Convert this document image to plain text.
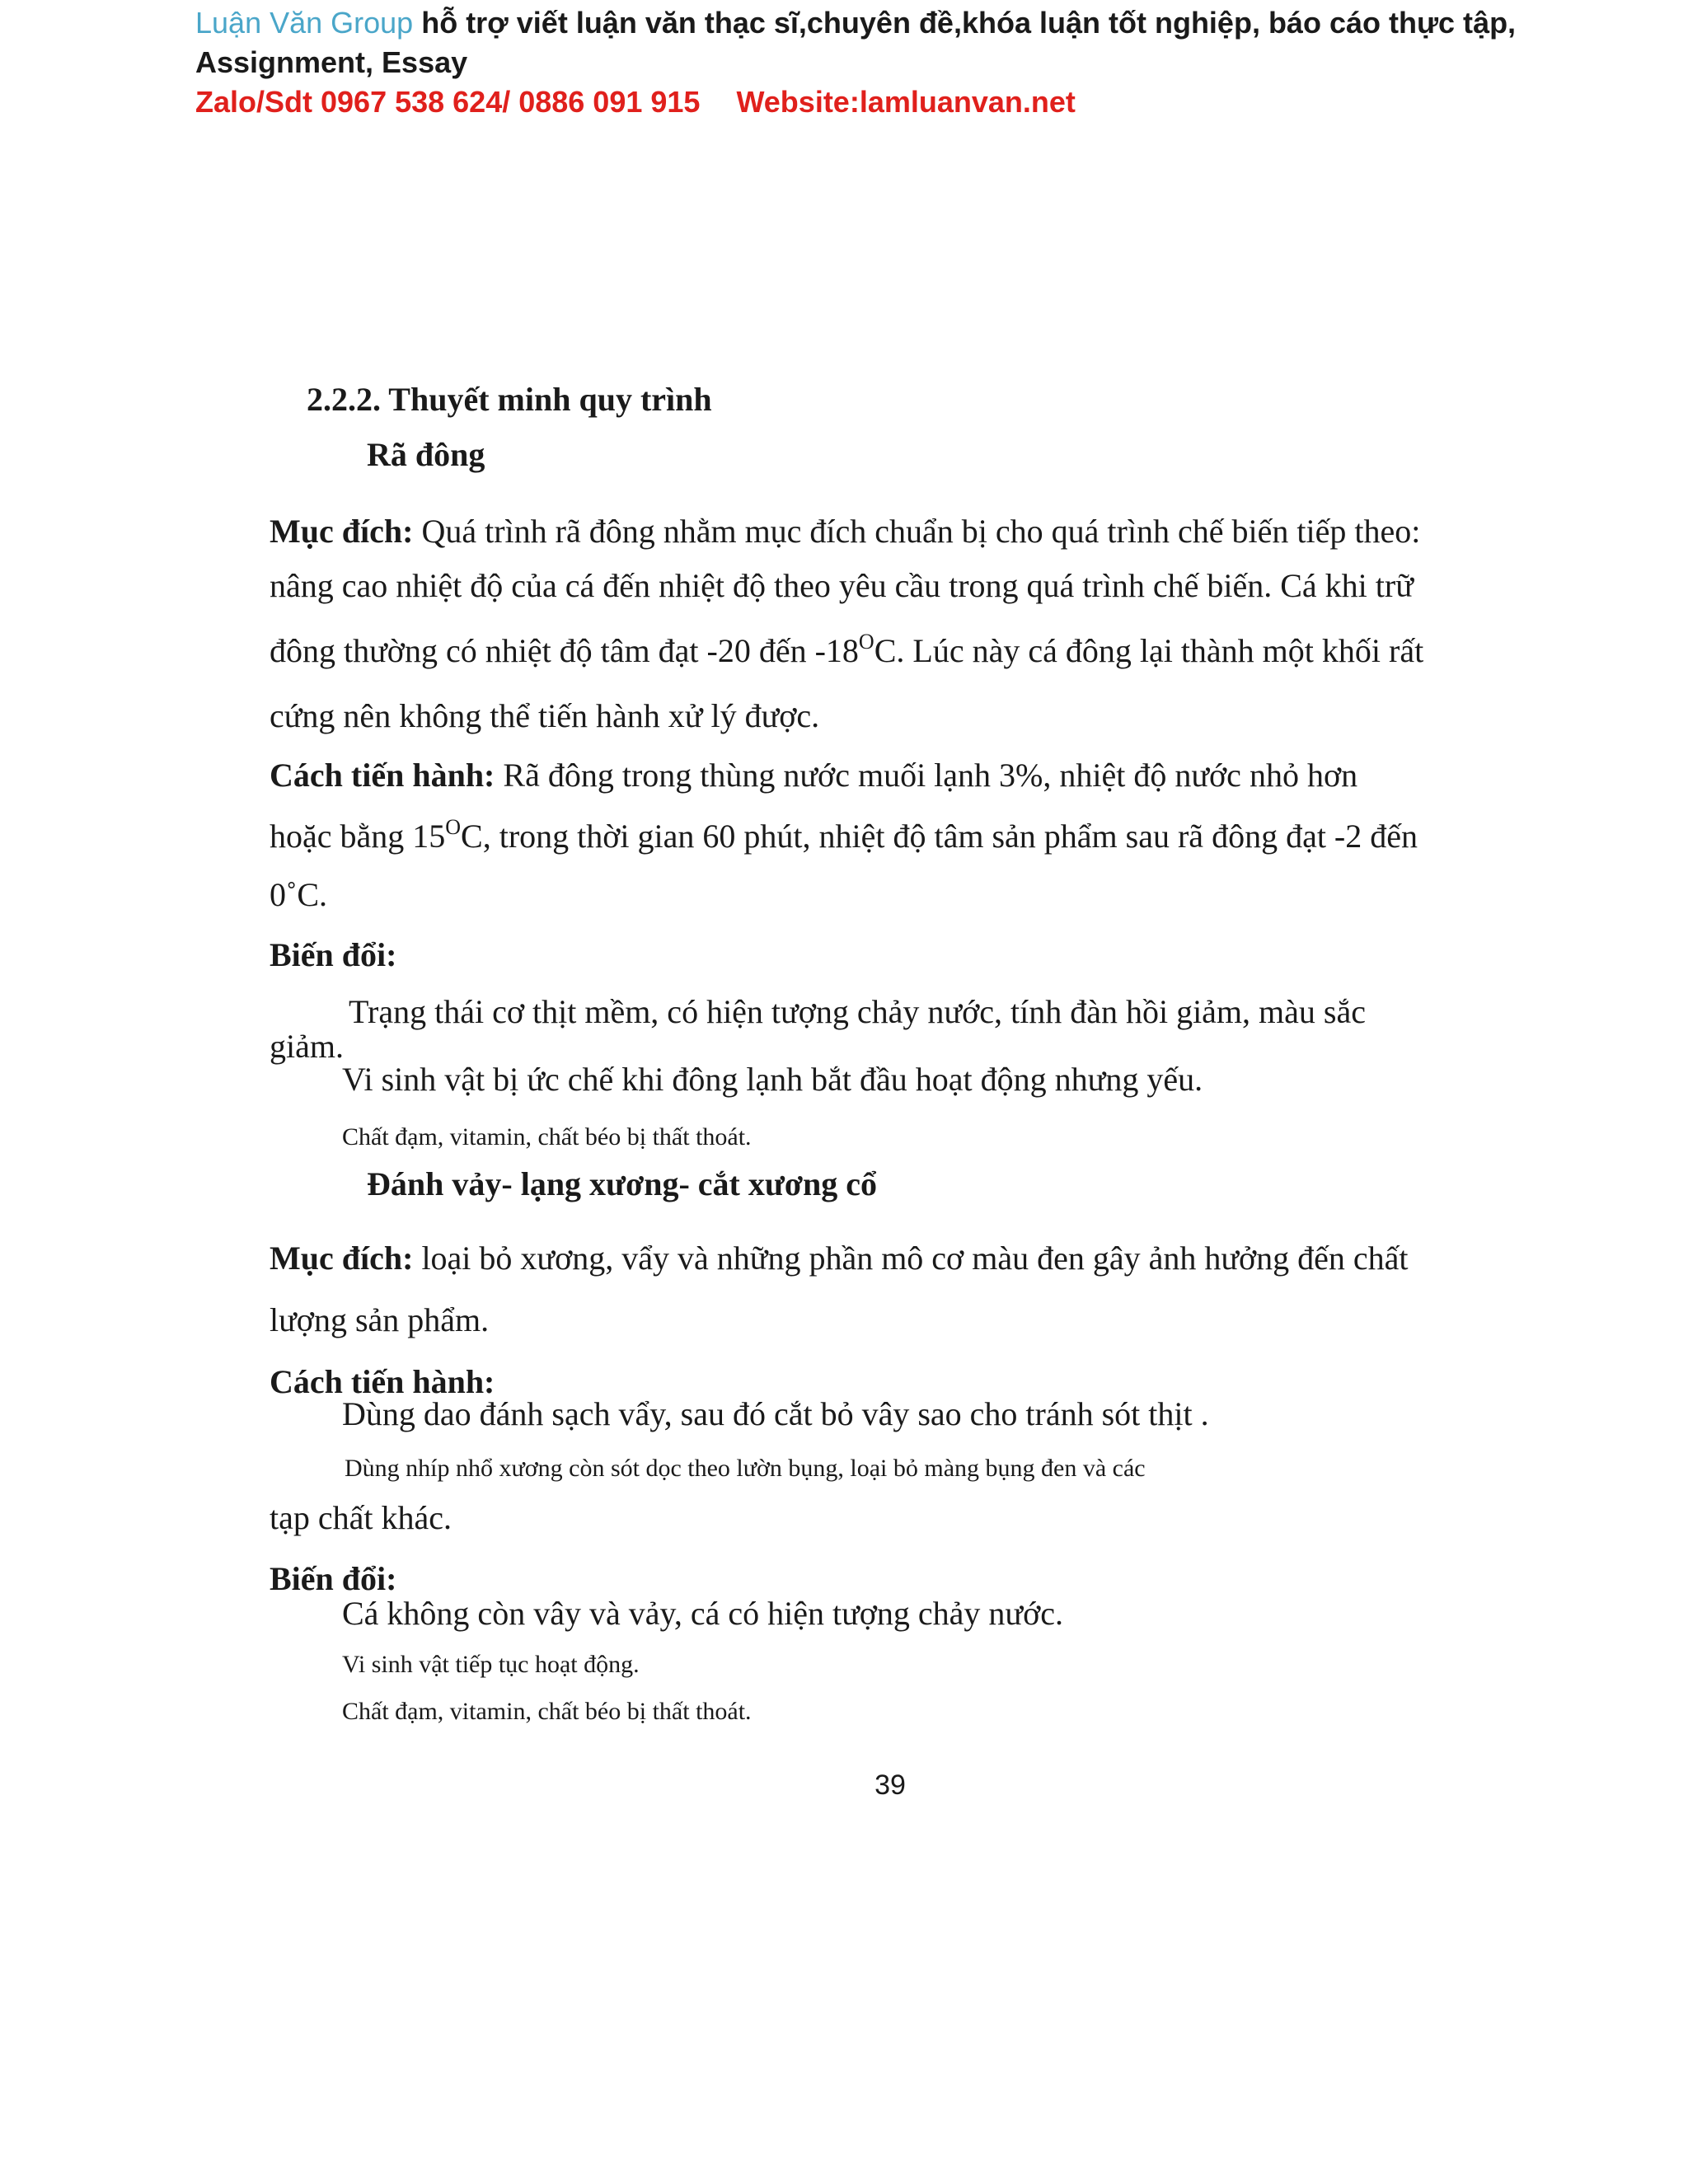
Luận Văn Group hỗ trợ viết luận văn thạc sĩ,chuyên đề,khóa luận tốt nghiệp, báo cáo thực tập,
Assignment, Essay
Zalo/Sdt 0967 538 624/ 0886 091 915 Website:lamluanvan.net
2.2.2. Thuyết minh quy trình
Rã đông
Mục đích: Quá trình rã đông nhằm mục đích chuẩn bị cho quá trình chế biến tiếp theo:
nâng cao nhiệt độ của cá đến nhiệt độ theo yêu cầu trong quá trình chế biến. Cá khi trữ
đông thường có nhiệt độ tâm đạt -20 đến $-18^OC$. Lúc này cá đông lại thành một khối rất
cứng nên không thể tiến hành xử lý được.
Cách tiến hành: Rã đông trong thùng nước muối lạnh 3%, nhiệt độ nước nhỏ hơn
hoặc bằng $15^OC$, trong thời gian 60 phút, nhiệt độ tâm sản phẩm sau rã đông đạt -2 đến
0˚C.
Biến đổi:
Trạng thái cơ thịt mềm, có hiện tượng chảy nước, tính đàn hồi giảm, màu sắc
giảm.
Vi sinh vật bị ức chế khi đông lạnh bắt đầu hoạt động nhưng yếu.
Chất đạm, vitamin, chất béo bị thất thoát.
Đánh vảy- lạng xương- cắt xương cổ
Mục đích: loại bỏ xương, vẩy và những phần mô cơ màu đen gây ảnh hưởng đến chất
lượng sản phẩm.
Cách tiến hành:
Dùng dao đánh sạch vẩy, sau đó cắt bỏ vây sao cho tránh sót thịt .
Dùng nhíp nhổ xương còn sót dọc theo lườn bụng, loại bỏ màng bụng đen và các
tạp chất khác.
Biến đổi:
Cá không còn vây và vảy, cá có hiện tượng chảy nước.
Vi sinh vật tiếp tục hoạt động.
Chất đạm, vitamin, chất béo bị thất thoát.
39
